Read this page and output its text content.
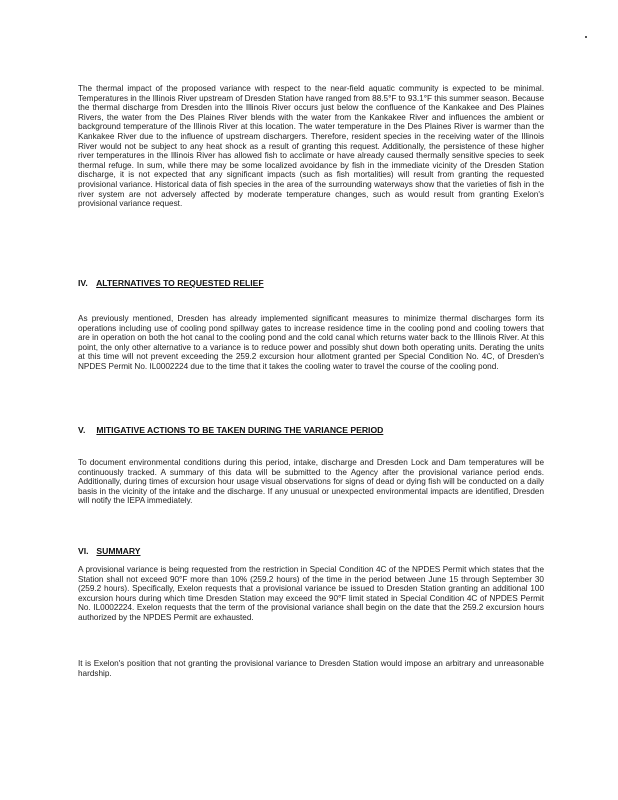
The thermal impact of the proposed variance with respect to the near-field aquatic community is expected to be minimal. Temperatures in the Illinois River upstream of Dresden Station have ranged from 88.5°F to 93.1°F this summer season. Because the thermal discharge from Dresden into the Illinois River occurs just below the confluence of the Kankakee and Des Plaines Rivers, the water from the Des Plaines River blends with the water from the Kankakee River and influences the ambient or background temperature of the Illinois River at this location. The water temperature in the Des Plaines River is warmer than the Kankakee River due to the influence of upstream dischargers. Therefore, resident species in the receiving water of the Illinois River would not be subject to any heat shock as a result of granting this request. Additionally, the persistence of these higher river temperatures in the Illinois River has allowed fish to acclimate or have already caused thermally sensitive species to seek thermal refuge. In sum, while there may be some localized avoidance by fish in the immediate vicinity of the Dresden Station discharge, it is not expected that any significant impacts (such as fish mortalities) will result from granting the requested provisional variance. Historical data of fish species in the area of the surrounding waterways show that the varieties of fish in the river system are not adversely affected by moderate temperature changes, such as would result from granting Exelon's provisional variance request.

IV. ALTERNATIVES TO REQUESTED RELIEF

As previously mentioned, Dresden has already implemented significant measures to minimize thermal discharges form its operations including use of cooling pond spillway gates to increase residence time in the cooling pond and cooling towers that are in operation on both the hot canal to the cooling pond and the cold canal which returns water back to the Illinois River. At this point, the only other alternative to a variance is to reduce power and possibly shut down both operating units. Derating the units at this time will not prevent exceeding the 259.2 excursion hour allotment granted per Special Condition No. 4C, of Dresden's NPDES Permit No. IL0002224 due to the time that it takes the cooling water to travel the course of the cooling pond.

V. MITIGATIVE ACTIONS TO BE TAKEN DURING THE VARIANCE PERIOD

To document environmental conditions during this period, intake, discharge and Dresden Lock and Dam temperatures will be continuously tracked. A summary of this data will be submitted to the Agency after the provisional variance period ends. Additionally, during times of excursion hour usage visual observations for signs of dead or dying fish will be conducted on a daily basis in the vicinity of the intake and the discharge. If any unusual or unexpected environmental impacts are identified, Dresden will notify the IEPA immediately.

VI. SUMMARY

A provisional variance is being requested from the restriction in Special Condition 4C of the NPDES Permit which states that the Station shall not exceed 90°F more than 10% (259.2 hours) of the time in the period between June 15 through September 30 (259.2 hours). Specifically, Exelon requests that a provisional variance be issued to Dresden Station granting an additional 100 excursion hours during which time Dresden Station may exceed the 90°F limit stated in Special Condition 4C of NPDES Permit No. IL0002224. Exelon requests that the term of the provisional variance shall begin on the date that the 259.2 excursion hours authorized by the NPDES Permit are exhausted.

It is Exelon's position that not granting the provisional variance to Dresden Station would impose an arbitrary and unreasonable hardship.
